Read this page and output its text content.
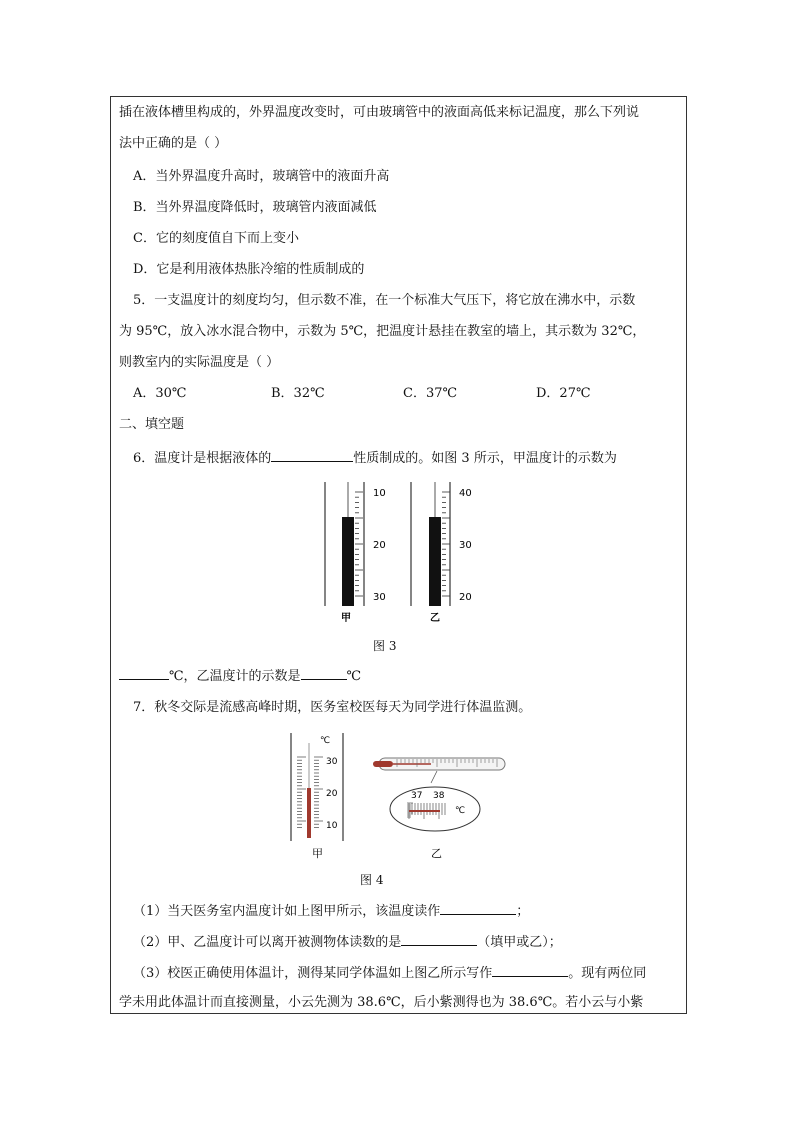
插在液体槽里构成的，外界温度改变时，可由玻璃管中的液面高低来标记温度，那么下列说
法中正确的是（ ）
A．当外界温度升高时，玻璃管中的液面升高
B．当外界温度降低时，玻璃管内液面减低
C．它的刻度值自下而上变小
D．它是利用液体热胀冷缩的性质制成的
5．一支温度计的刻度均匀，但示数不准，在一个标准大气压下，将它放在沸水中，示数
为 95℃，放入冰水混合物中，示数为 5℃，把温度计悬挂在教室的墙上，其示数为 32℃，
则教室内的实际温度是（ ）
A．30℃	B．32℃	C．37℃	D．27℃
二、填空题
6．温度计是根据液体的	性质制成的。如图 3 所示，甲温度计的示数为
10
20
30
甲
40
30
20
乙
图 3
℃，乙温度计的示数是	℃
7．秋冬交际是流感高峰时期，医务室校医每天为同学进行体温监测。
℃
30
20
10
甲
37 38
℃
乙
图 4
（1）当天医务室内温度计如上图甲所示，该温度读作	；
（2）甲、乙温度计可以离开被测物体读数的是	（填甲或乙）；
（3）校医正确使用体温计，测得某同学体温如上图乙所示写作	。现有两位同
学未用此体温计而直接测量，小云先测为 38.6℃，后小紫测得也为 38.6℃。若小云与小紫
